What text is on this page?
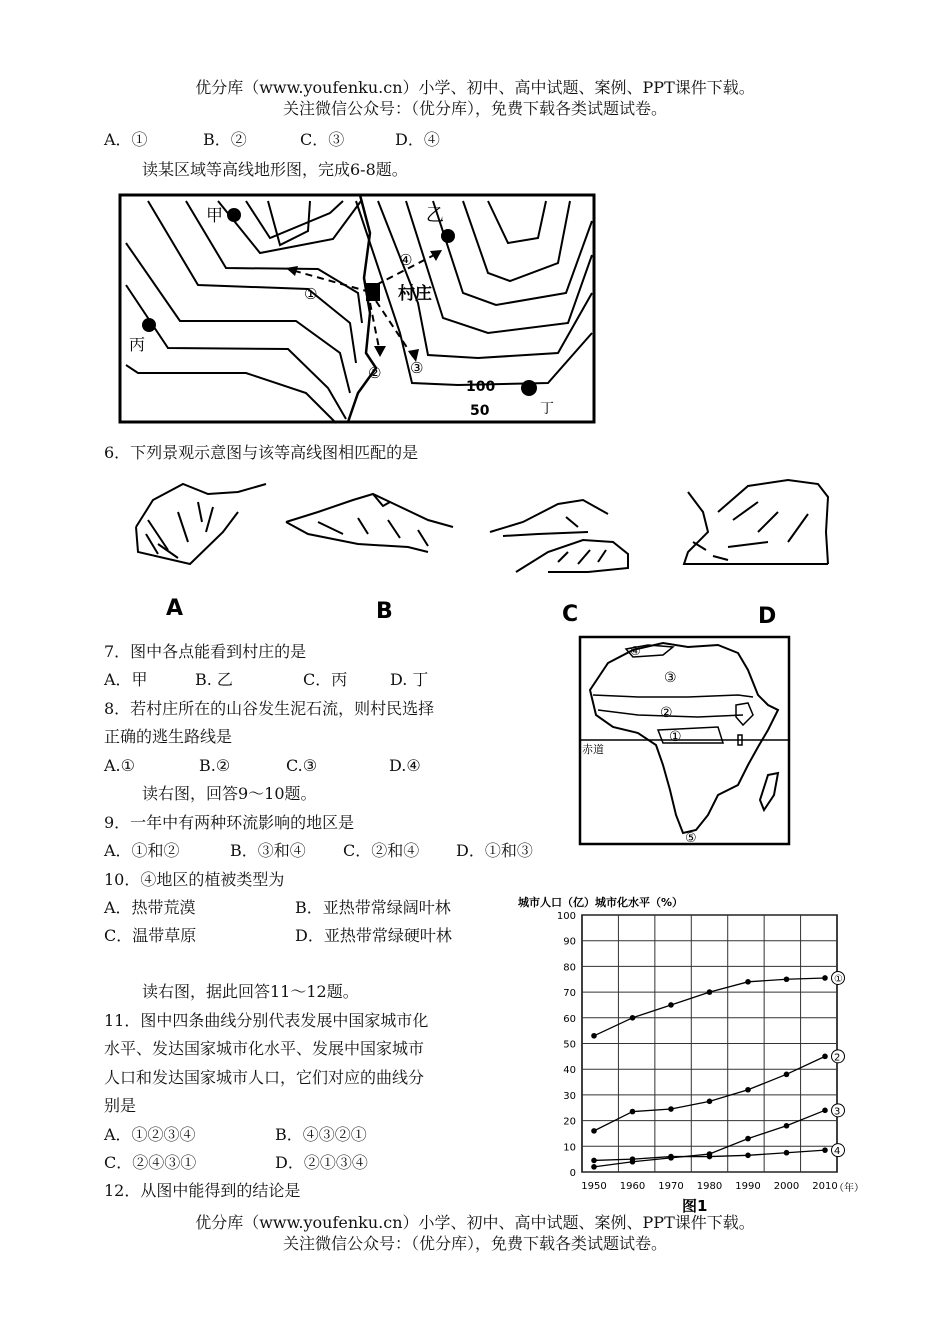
优分库（www.youfenku.cn）小学、初中、高中试题、案例、PPT课件下载。
关注微信公众号：（优分库），免费下载各类试题试卷。
A．①	B．②	C．③	D．④
读某区域等高线地形图，完成6-8题。
甲	乙
丙
丁
村庄
①
② ③
④
100
50
6．下列景观示意图与该等高线图相匹配的是
A	B	C	D
7．图中各点能看到村庄的是
A．甲	B. 乙	C．丙	D. 丁
8．若村庄所在的山谷发生泥石流，则村民选择
正确的逃生路线是
A.①	B.②	C.③	D.④
读右图，回答9～10题。
9．一年中有两种环流影响的地区是
A．①和②	B．③和④ C．②和④ D．①和③
10．④地区的植被类型为
A．热带荒漠	B．亚热带常绿阔叶林
C．温带草原	D．亚热带常绿硬叶林
赤道
①
②
③
④
⑤
读右图，据此回答11～12题。
11．图中四条曲线分别代表发展中国家城市化
水平、发达国家城市化水平、发展中国家城市
人口和发达国家城市人口，它们对应的曲线分
别是
A．①②③④	B．④③②①
C．②④③①	D．②①③④
12．从图中能得到的结论是
城市人口（亿）城市化水平（%）
0
10
20
30
40
50
60
70
80
90
100
1950 1960 1970 1980 1990 2000 2010
①
2
3
4
（年）
图1
优分库（www.youfenku.cn）小学、初中、高中试题、案例、PPT课件下载。
关注微信公众号：（优分库），免费下载各类试题试卷。
